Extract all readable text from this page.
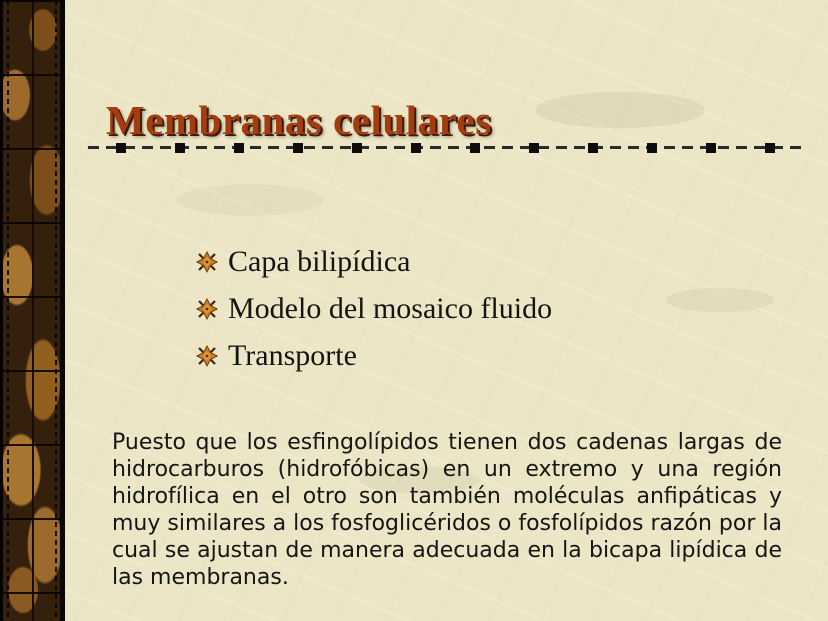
Membranas celulares
Capa bilipídica
Modelo del mosaico fluido
Transporte

Puesto que los esfingolípidos tienen dos cadenas largas de hidrocarburos (hidrofóbicas) en un extremo y una región hidrofílica en el otro son también moléculas anfipáticas y muy similares a los fosfoglicéridos o fosfolípidos razón por la cual se ajustan de manera adecuada en la bicapa lipídica de las membranas.
